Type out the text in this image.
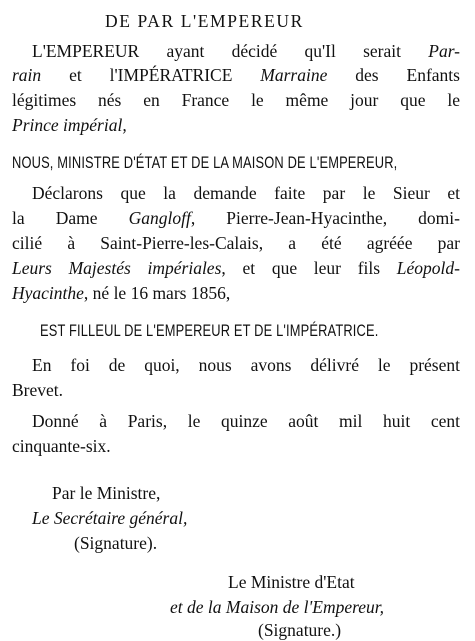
DE PAR L'EMPEREUR
L'EMPEREUR ayant décidé qu'Il serait Par-
rain et l'IMPÉRATRICE Marraine des Enfants
légitimes nés en France le même jour que le
Prince impérial,
NOUS, MINISTRE D'ÉTAT ET DE LA MAISON DE L'EMPEREUR,
Déclarons que la demande faite par le Sieur et
la Dame Gangloff, Pierre-Jean-Hyacinthe, domi-
cilié à Saint-Pierre-les-Calais, a été agréée par
Leurs Majestés impériales, et que leur fils Léopold-
Hyacinthe, né le 16 mars 1856,
EST FILLEUL DE L'EMPEREUR ET DE L'IMPÉRATRICE.
En foi de quoi, nous avons délivré le présent
Brevet.
Donné à Paris, le quinze août mil huit cent
cinquante-six.
Par le Ministre,
Le Secrétaire général,
(Signature).
Le Ministre d'Etat
et de la Maison de l'Empereur,
(Signature.)
